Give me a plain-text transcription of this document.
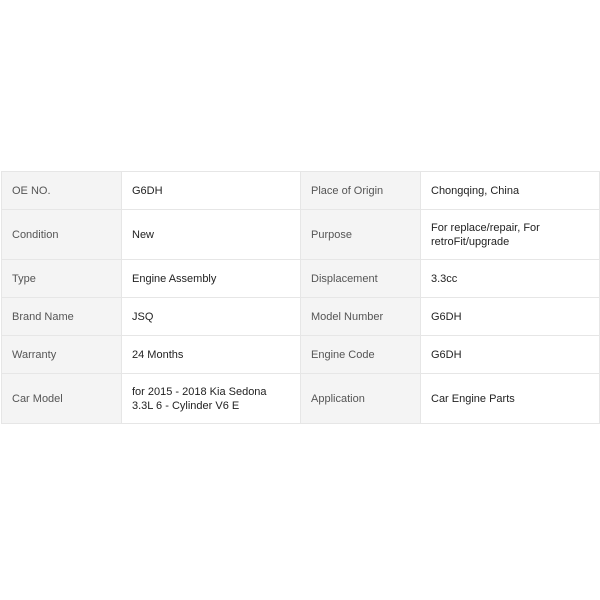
OE NO.	G6DH	Place of Origin	Chongqing, China
Condition	New	Purpose	For replace/repair, For retroFit/upgrade
Type	Engine Assembly	Displacement	3.3cc
Brand Name	JSQ	Model Number	G6DH
Warranty	24 Months	Engine Code	G6DH
Car Model	for 2015 - 2018 Kia Sedona 3.3L 6 - Cylinder V6 E	Application	Car Engine Parts
